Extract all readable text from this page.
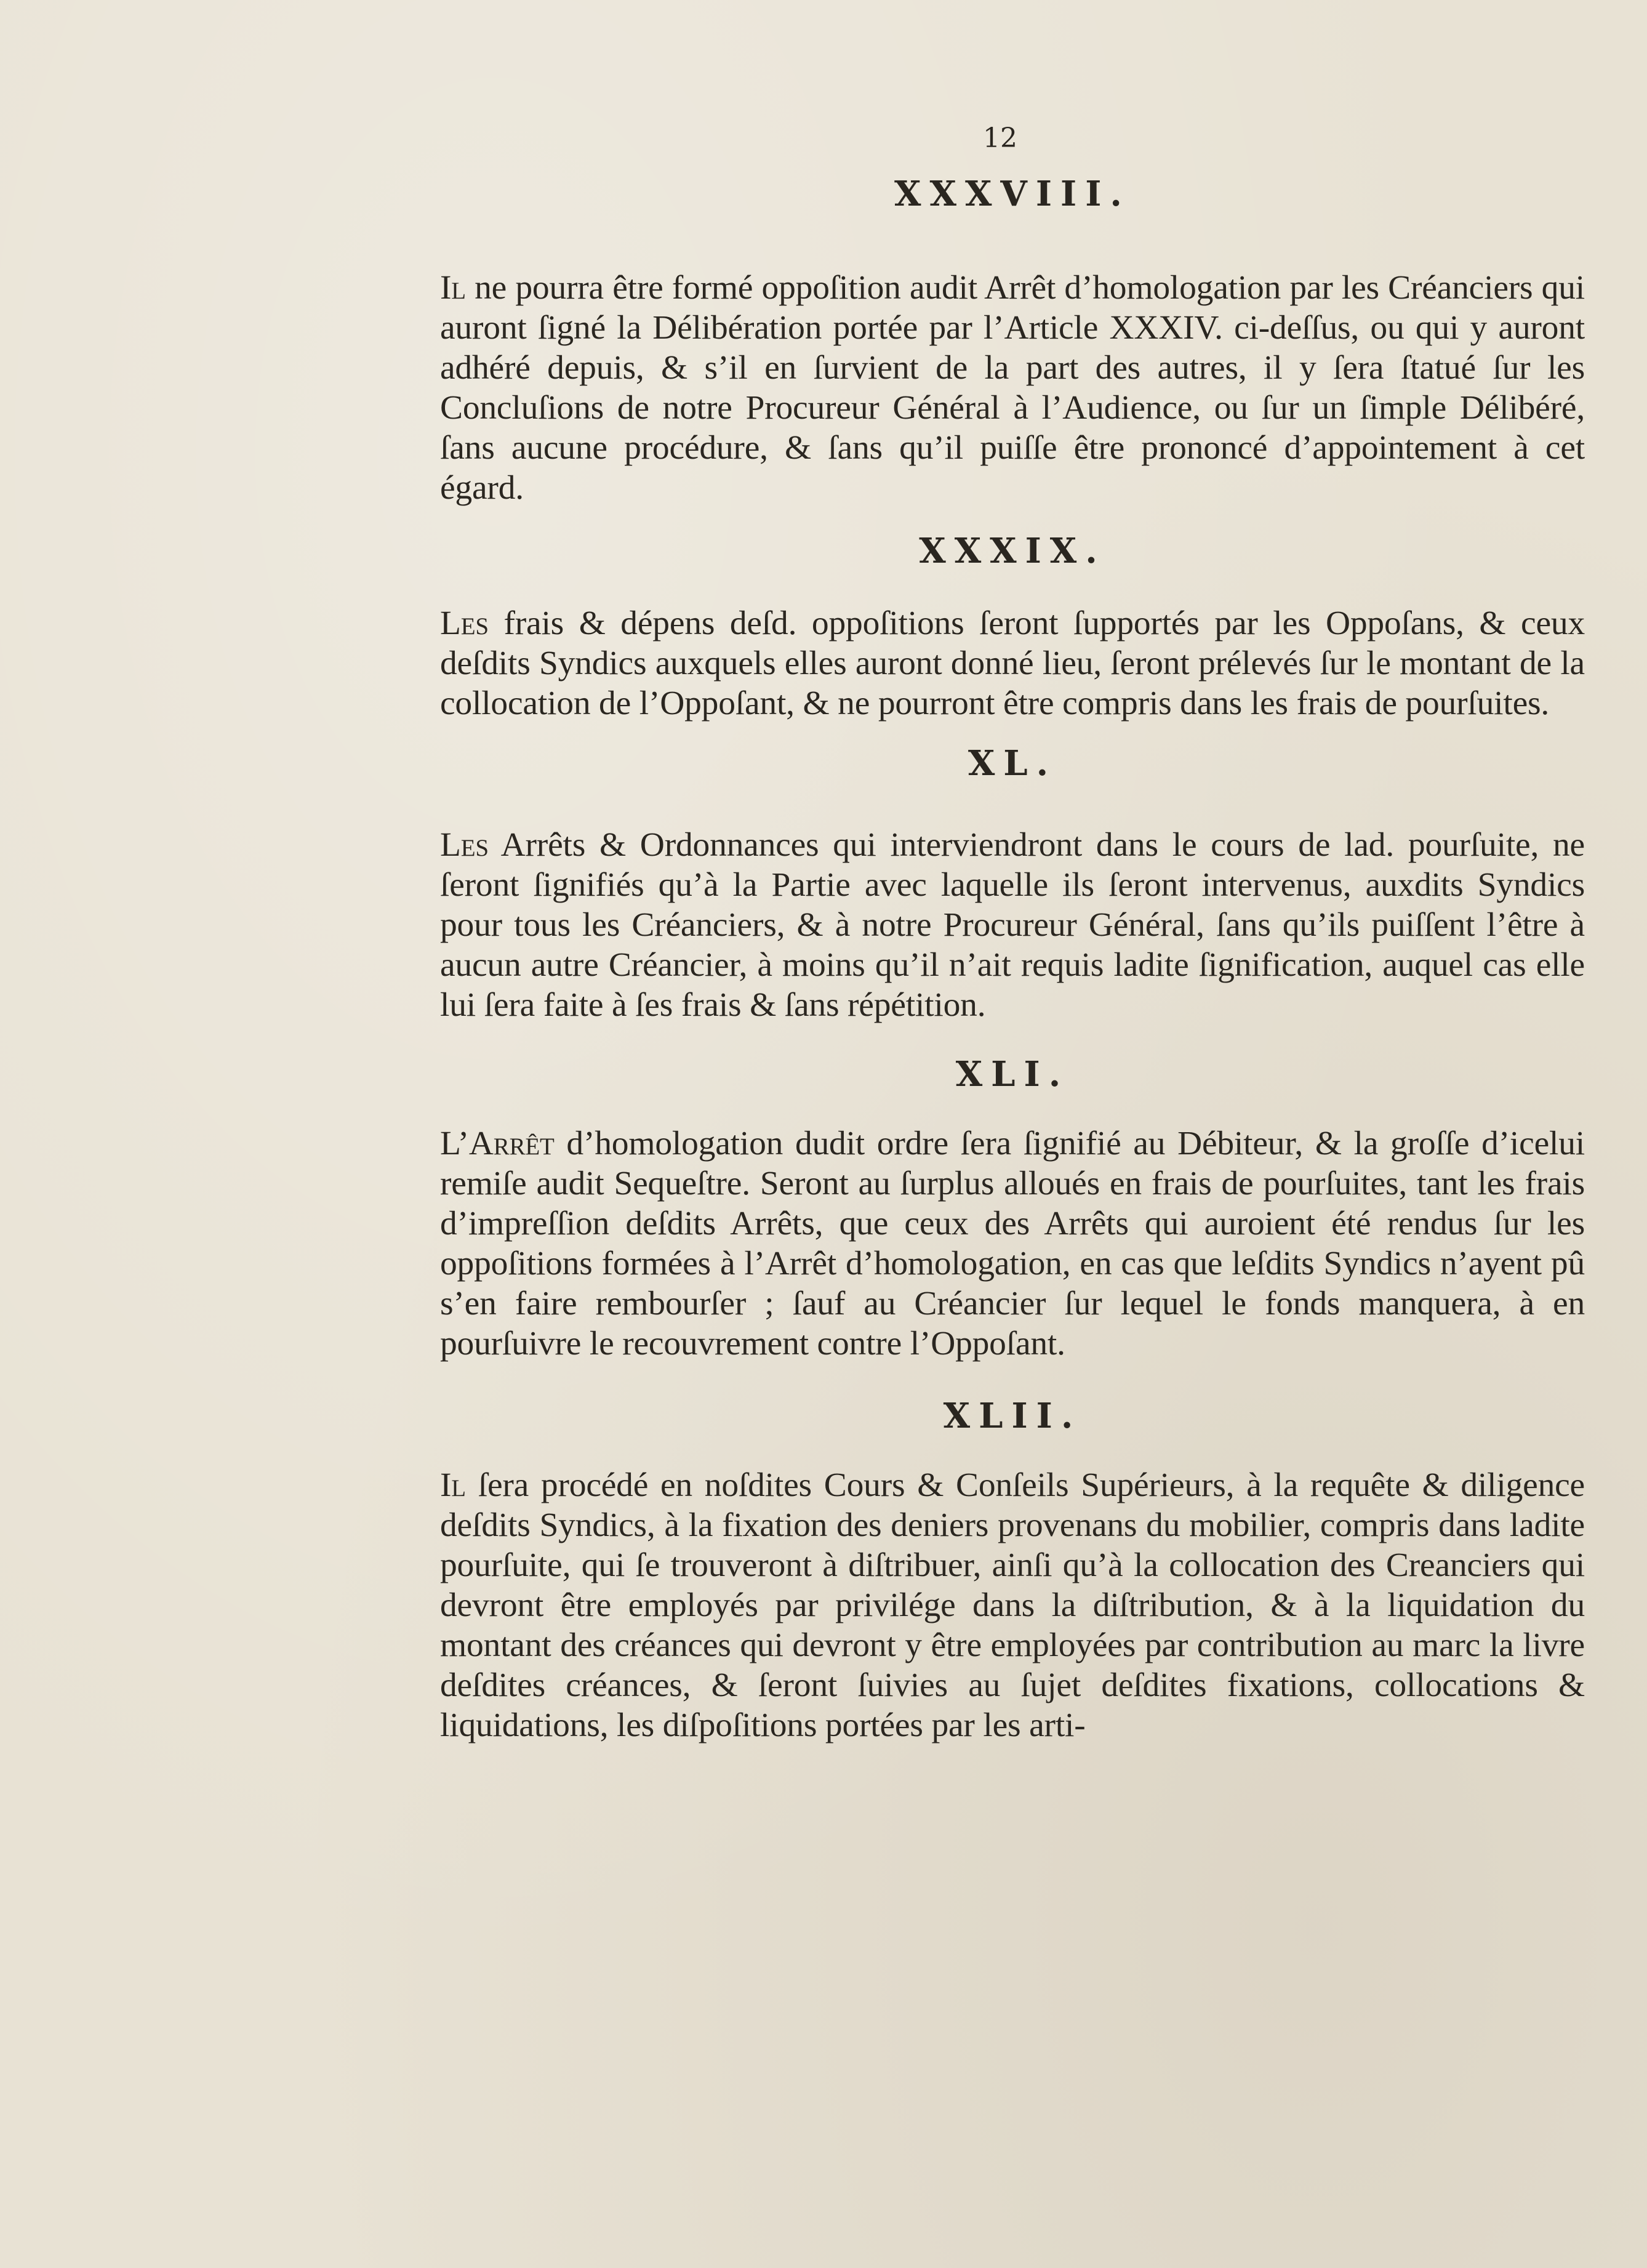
12
XXXVIII.

Il ne pourra être formé oppoſition audit Arrêt d’homologation par les Créanciers qui auront ſigné la Délibération portée par l’Article XXXIV. ci-deſſus, ou qui y auront adhéré depuis, & s’il en ſurvient de la part des autres, il y ſera ſtatué ſur les Concluſions de notre Procureur Général à l’Audience, ou ſur un ſimple Délibéré, ſans aucune procédure, & ſans qu’il puiſſe être prononcé d’appointement à cet égard.

XXXIX.

Les frais & dépens deſd. oppoſitions ſeront ſupportés par les Oppoſans, & ceux deſdits Syndics auxquels elles auront donné lieu, ſeront prélevés ſur le montant de la collocation de l’Oppoſant, & ne pourront être compris dans les frais de pourſuites.

XL.

Les Arrêts & Ordonnances qui interviendront dans le cours de lad. pourſuite, ne ſeront ſignifiés qu’à la Partie avec laquelle ils ſeront intervenus, auxdits Syndics pour tous les Créanciers, & à notre Procureur Général, ſans qu’ils puiſſent l’être à aucun autre Créancier, à moins qu’il n’ait requis ladite ſignification, auquel cas elle lui ſera faite à ſes frais & ſans répétition.

XLI.

L’Arrêt d’homologation dudit ordre ſera ſignifié au Débiteur, & la groſſe d’icelui remiſe audit Sequeſtre. Seront au ſurplus alloués en frais de pourſuites, tant les frais d’impreſſion deſdits Arrêts, que ceux des Arrêts qui auroient été rendus ſur les oppoſitions formées à l’Arrêt d’homologation, en cas que leſdits Syndics n’ayent pû s’en faire rembourſer ; ſauf au Créancier ſur lequel le fonds manquera, à en pourſuivre le recouvrement contre l’Oppoſant.

XLII.

Il ſera procédé en noſdites Cours & Conſeils Supérieurs, à la requête & diligence deſdits Syndics, à la fixation des deniers provenans du mobilier, compris dans ladite pourſuite, qui ſe trouveront à diſtribuer, ainſi qu’à la collocation des Creanciers qui devront être employés par privilége dans la diſtribution, & à la liquidation du montant des créances qui devront y être employées par contribution au marc la livre deſdites créances, & ſeront ſuivies au ſujet deſdites fixations, collocations & liquidations, les diſpoſitions portées par les arti-
